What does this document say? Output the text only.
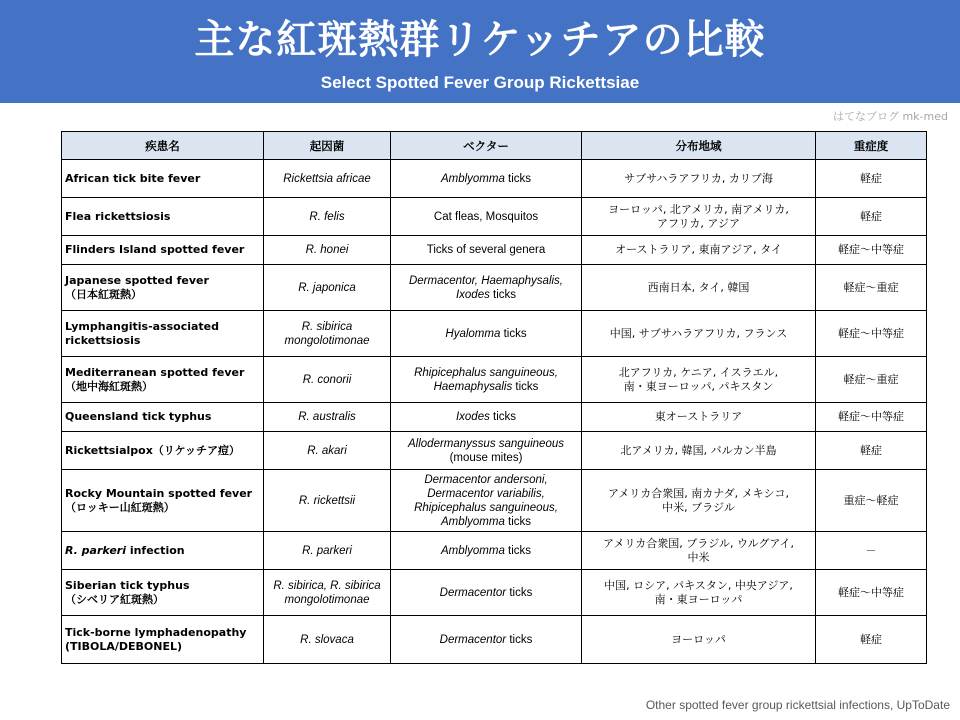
主な紅斑熱群リケッチアの比較
Select Spotted Fever Group Rickettsiae
はてなブログ mk-med
疾患名	起因菌	ベクター	分布地域	重症度

African tick bite fever	Rickettsia africae	Amblyomma ticks	サブサハラアフリカ, カリブ海	軽症

Flea rickettsiosis	R. felis	Cat fleas, Mosquitos	ヨーロッパ, 北アメリカ, 南アメリカ,
アフリカ, アジア	軽症

Flinders Island spotted fever	R. honei	Ticks of several genera	オーストラリア, 東南アジア, タイ	軽症～中等症

Japanese spotted fever
（日本紅斑熱）	R. japonica	Dermacentor, Haemaphysalis,
Ixodes ticks	西南日本, タイ, 韓国	軽症～重症

Lymphangitis-associated
rickettsiosis	R. sibirica mongolotimonae	Hyalomma ticks	中国, サブサハラアフリカ, フランス	軽症～中等症

Mediterranean spotted fever
（地中海紅斑熱）	R. conorii	Rhipicephalus sanguineous,
Haemaphysalis ticks	北アフリカ, ケニア, イスラエル,
南・東ヨーロッパ, パキスタン	軽症～重症

Queensland tick typhus	R. australis	Ixodes ticks	東オーストラリア	軽症～中等症

Rickettsialpox（リケッチア痘）	R. akari	Allodermanyssus sanguineous
(mouse mites)	北アメリカ, 韓国, バルカン半島	軽症

Rocky Mountain spotted fever
（ロッキー山紅斑熱）	R. rickettsii	Dermacentor andersoni,
Dermacentor variabilis,
Rhipicephalus sanguineous,
Amblyomma ticks	アメリカ合衆国, 南カナダ, メキシコ,
中米, ブラジル	重症～軽症

R. parkeri infection	R. parkeri	Amblyomma ticks	アメリカ合衆国, ブラジル, ウルグアイ,
中米	－

Siberian tick typhus
（シベリア紅斑熱）	R. sibirica, R. sibirica mongolotimonae	Dermacentor ticks	中国, ロシア, パキスタン, 中央アジア,
南・東ヨーロッパ	軽症～中等症

Tick-borne lymphadenopathy
(TIBOLA/DEBONEL)	R. slovaca	Dermacentor ticks	ヨーロッパ	軽症
Other spotted fever group rickettsial infections, UpToDate
